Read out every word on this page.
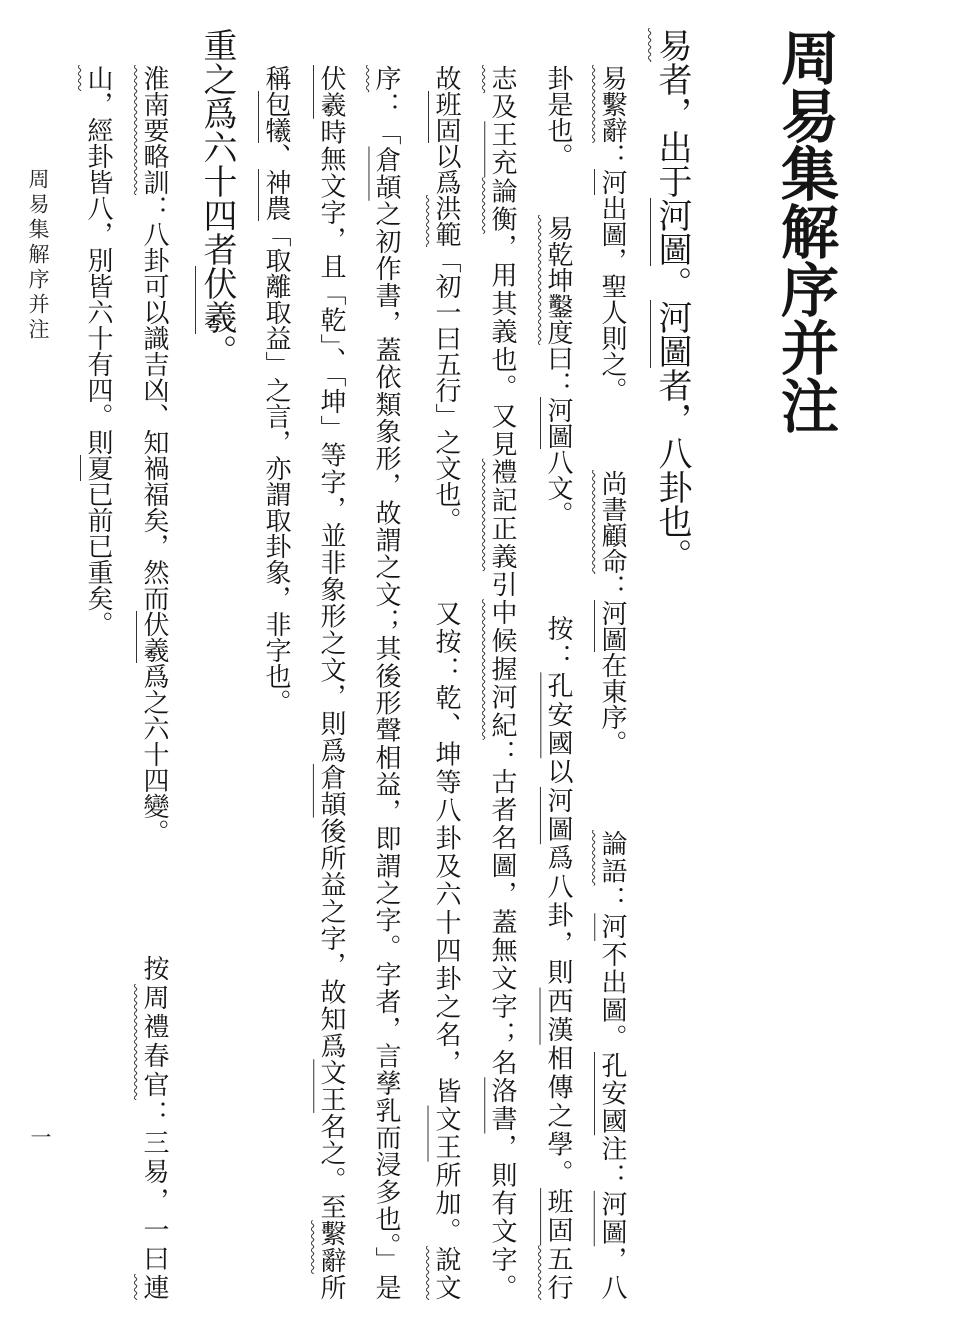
周易集解序并注
易者，出于河圖。河圖者，八卦也。
易繫辭：河出圖，聖人則之。
尚書顧命：河圖在東序。
論語：河不出圖。孔安國注：河圖，八
卦是也。
易乾坤鑿度曰：河圖八文。
按：孔安國以河圖爲八卦，則西漢相傳之學。班固五行
志及王充論衡，用其義也。又見禮記正義引中候握河紀：古者名圖，蓋無文字；名洛書，則有文字。
故班固以爲洪範「初一曰五行」之文也。
又按：乾、坤等八卦及六十四卦之名，皆文王所加。說文
序：「倉頡之初作書，蓋依類象形，故謂之文；其後形聲相益，即謂之字。字者，言孳乳而浸多也。」是
伏羲時無文字，且「乾」、「坤」等字，並非象形之文，則爲倉頡後所益之字，故知爲文王名之。至繫辭所
稱包犧、神農「取離取益」之言，亦謂取卦象，非字也。
重之爲六十四者伏羲。
淮南要略訓：八卦可以識吉凶、知禍福矣，然而伏羲爲之六十四變。
按周禮春官：三易，一曰連
山，經卦皆八，別皆六十有四。則夏已前已重矣。
周易集解序并注
一
